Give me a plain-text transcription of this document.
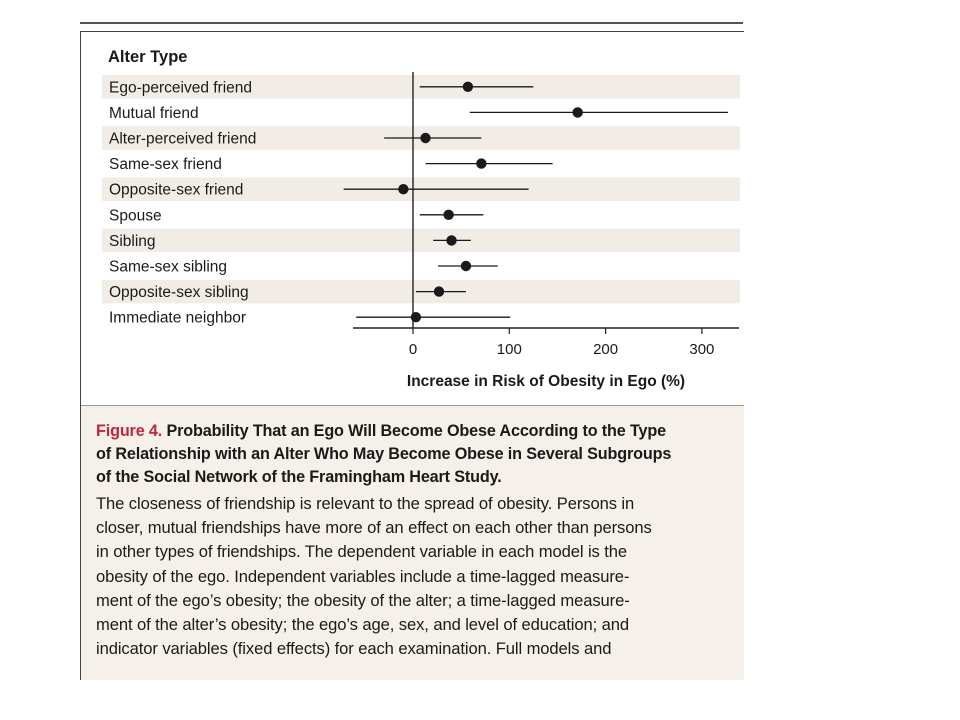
Alter Type
Ego-perceived friend
Mutual friend
Alter-perceived friend
Same-sex friend
Opposite-sex friend
Spouse
Sibling
Same-sex sibling
Opposite-sex sibling
Immediate neighbor
0	100	200	300
Increase in Risk of Obesity in Ego (%)

Figure 4. Probability That an Ego Will Become Obese According to the Type
of Relationship with an Alter Who May Become Obese in Several Subgroups
of the Social Network of the Framingham Heart Study.

The closeness of friendship is relevant to the spread of obesity. Persons in
closer, mutual friendships have more of an effect on each other than persons
in other types of friendships. The dependent variable in each model is the
obesity of the ego. Independent variables include a time-lagged measure-
ment of the ego’s obesity; the obesity of the alter; a time-lagged measure-
ment of the alter’s obesity; the ego’s age, sex, and level of education; and
indicator variables (fixed effects) for each examination. Full models and
